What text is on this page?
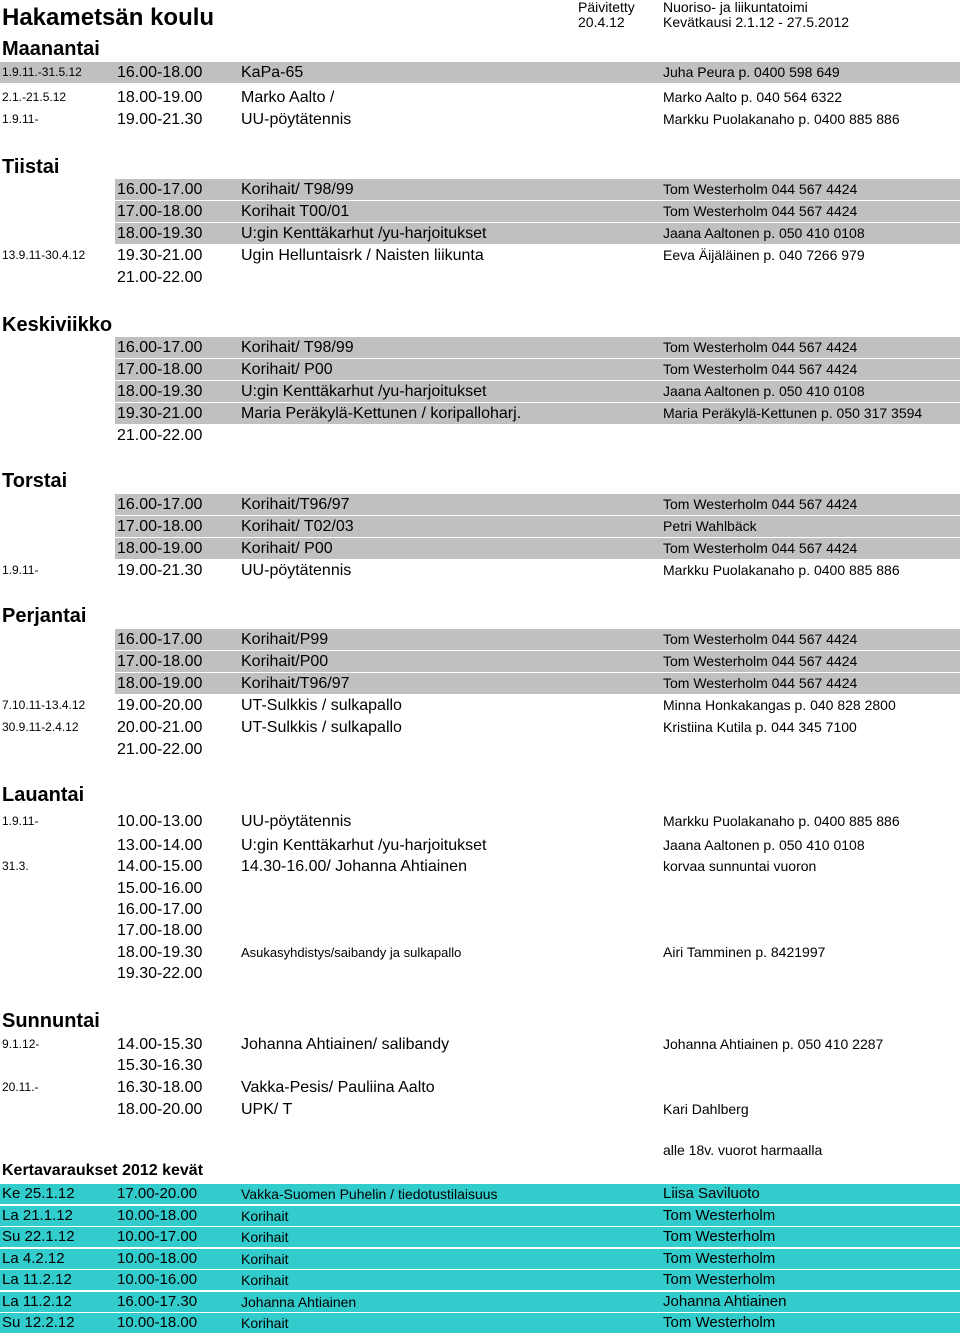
Hakametsän koulu	Päivitetty
20.4.12
Nuoriso- ja liikuntatoimi
Kevätkausi 2.1.12 - 27.5.2012
Maanantai
Tiistai
Keskiviikko
Torstai
Perjantai
Lauantai
Sunnuntai
1.9.11.-31.5.12 16.00-18.00 KaPa-65	Juha Peura p. 0400 598 649
2.1.-21.5.12	18.00-19.00 Marko Aalto /	Marko Aalto p. 040 564 6322
1.9.11-	19.00-21.30 UU-pöytätennis	Markku Puolakanaho p. 0400 885 886
16.00-17.00 Korihait/ T98/99	Tom Westerholm 044 567 4424
17.00-18.00 Korihait T00/01	Tom Westerholm 044 567 4424
18.00-19.30 U:gin Kenttäkarhut /yu-harjoitukset	Jaana Aaltonen p. 050 410 0108
13.9.11-30.4.12 19.30-21.00 Ugin Helluntaisrk / Naisten liikunta	Eeva Äijäläinen p. 040 7266 979
21.00-22.00
16.00-17.00 Korihait/ T98/99	Tom Westerholm 044 567 4424
17.00-18.00 Korihait/ P00	Tom Westerholm 044 567 4424
18.00-19.30 U:gin Kenttäkarhut /yu-harjoitukset	Jaana Aaltonen p. 050 410 0108
19.30-21.00 Maria Peräkylä-Kettunen / koripalloharj.	Maria Peräkylä-Kettunen p. 050 317 3594
21.00-22.00
16.00-17.00 Korihait/T96/97	Tom Westerholm 044 567 4424
17.00-18.00 Korihait/ T02/03	Petri Wahlbäck
18.00-19.00 Korihait/ P00	Tom Westerholm 044 567 4424
1.9.11-	19.00-21.30 UU-pöytätennis	Markku Puolakanaho p. 0400 885 886
16.00-17.00 Korihait/P99	Tom Westerholm 044 567 4424
17.00-18.00 Korihait/P00	Tom Westerholm 044 567 4424
18.00-19.00 Korihait/T96/97	Tom Westerholm 044 567 4424
7.10.11-13.4.12 19.00-20.00 UT-Sulkkis / sulkapallo	Minna Honkakangas p. 040 828 2800
30.9.11-2.4.12 20.00-21.00 UT-Sulkkis / sulkapallo	Kristiina Kutila p. 044 345 7100
21.00-22.00
1.9.11-	10.00-13.00 UU-pöytätennis	Markku Puolakanaho p. 0400 885 886
13.00-14.00 U:gin Kenttäkarhut /yu-harjoitukset	Jaana Aaltonen p. 050 410 0108
31.3.	14.00-15.00 14.30-16.00/ Johanna Ahtiainen	korvaa sunnuntai vuoron
15.00-16.00
16.00-17.00
17.00-18.00
18.00-19.30	Asukasyhdistys/saibandy ja sulkapallo	Airi Tamminen p. 8421997
19.30-22.00
9.1.12-	14.00-15.30 Johanna Ahtiainen/ salibandy	Johanna Ahtiainen p. 050 410 2287
15.30-16.30
20.11.-	16.30-18.00 Vakka-Pesis/ Pauliina Aalto
18.00-20.00 UPK/ T	Kari Dahlberg
alle 18v. vuorot harmaalla
Kertavaraukset 2012 kevät
Ke 25.1.12	17.00-20.00	Vakka-Suomen Puhelin / tiedotustilaisuus	Liisa Saviluoto
La 21.1.12	10.00-18.00	Korihait	Tom Westerholm
Su 22.1.12	10.00-17.00	Korihait	Tom Westerholm
La 4.2.12	10.00-18.00	Korihait	Tom Westerholm
La 11.2.12	10.00-16.00	Korihait	Tom Westerholm
La 11.2.12	16.00-17.30	Johanna Ahtiainen	Johanna Ahtiainen
Su 12.2.12	10.00-18.00	Korihait	Tom Westerholm
